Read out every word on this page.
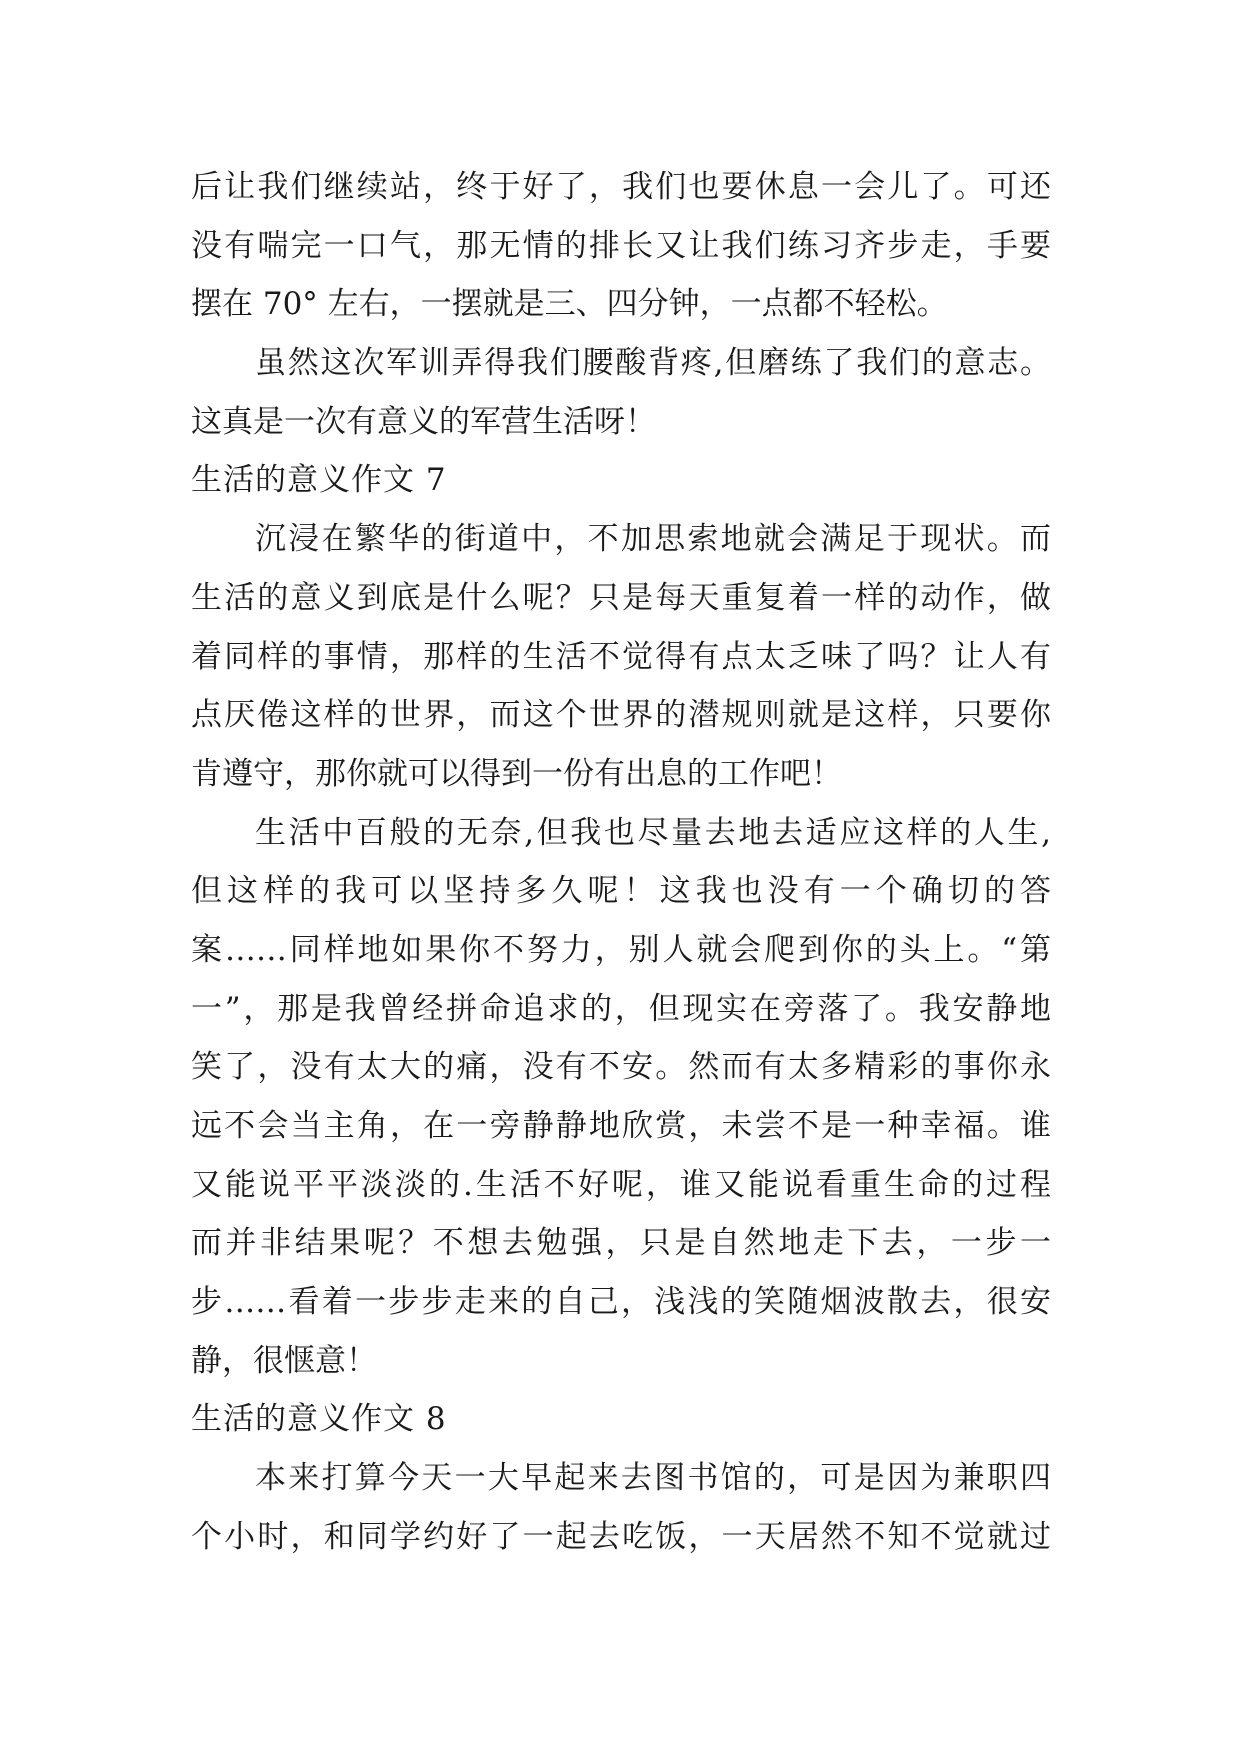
后让我们继续站，终于好了，我们也要休息一会儿了。可还
没有喘完一口气，那无情的排长又让我们练习齐步走，手要
摆在 70° 左右，一摆就是三、四分钟，一点都不轻松。
虽然这次军训弄得我们腰酸背疼,但磨练了我们的意志。
这真是一次有意义的军营生活呀！
生活的意义作文 7
沉浸在繁华的街道中，不加思索地就会满足于现状。而
生活的意义到底是什么呢？只是每天重复着一样的动作，做
着同样的事情，那样的生活不觉得有点太乏味了吗？让人有
点厌倦这样的世界，而这个世界的潜规则就是这样，只要你
肯遵守，那你就可以得到一份有出息的工作吧！
生活中百般的无奈,但我也尽量去地去适应这样的人生,
但这样的我可以坚持多久呢！这我也没有一个确切的答
案……同样地如果你不努力，别人就会爬到你的头上。“第
一”，那是我曾经拼命追求的，但现实在旁落了。我安静地
笑了，没有太大的痛，没有不安。然而有太多精彩的事你永
远不会当主角，在一旁静静地欣赏，未尝不是一种幸福。谁
又能说平平淡淡的.生活不好呢，谁又能说看重生命的过程
而并非结果呢？不想去勉强，只是自然地走下去，一步一
步……看着一步步走来的自己，浅浅的笑随烟波散去，很安
静，很惬意！
生活的意义作文 8
本来打算今天一大早起来去图书馆的，可是因为兼职四
个小时，和同学约好了一起去吃饭，一天居然不知不觉就过
